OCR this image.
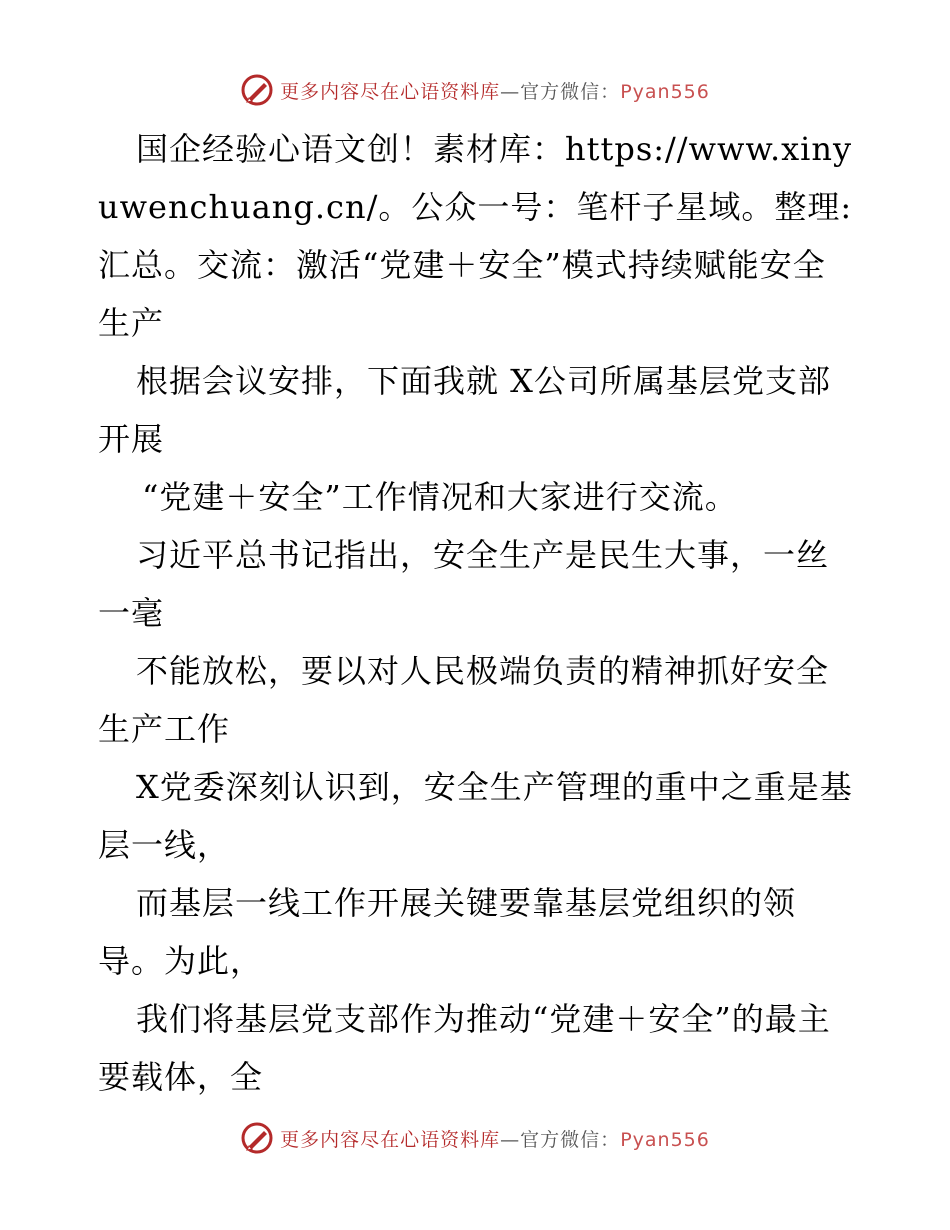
更多内容尽在心语资料库—官方微信：Pyan556

国企经验心语文创！素材库：https://www.xinyuwenchuang.cn/。公众一号：笔杆子星域。整理:汇总。交流：激活“党建＋安全”模式持续赋能安全生产

根据会议安排，下面我就 X公司所属基层党支部开展

“党建＋安全”工作情况和大家进行交流。

习近平总书记指出，安全生产是民生大事，一丝一毫

不能放松，要以对人民极端负责的精神抓好安全生产工作

X党委深刻认识到，安全生产管理的重中之重是基层一线，

而基层一线工作开展关键要靠基层党组织的领导。为此，

我们将基层党支部作为推动“党建＋安全”的最主要载体，全

更多内容尽在心语资料库—官方微信：Pyan556
